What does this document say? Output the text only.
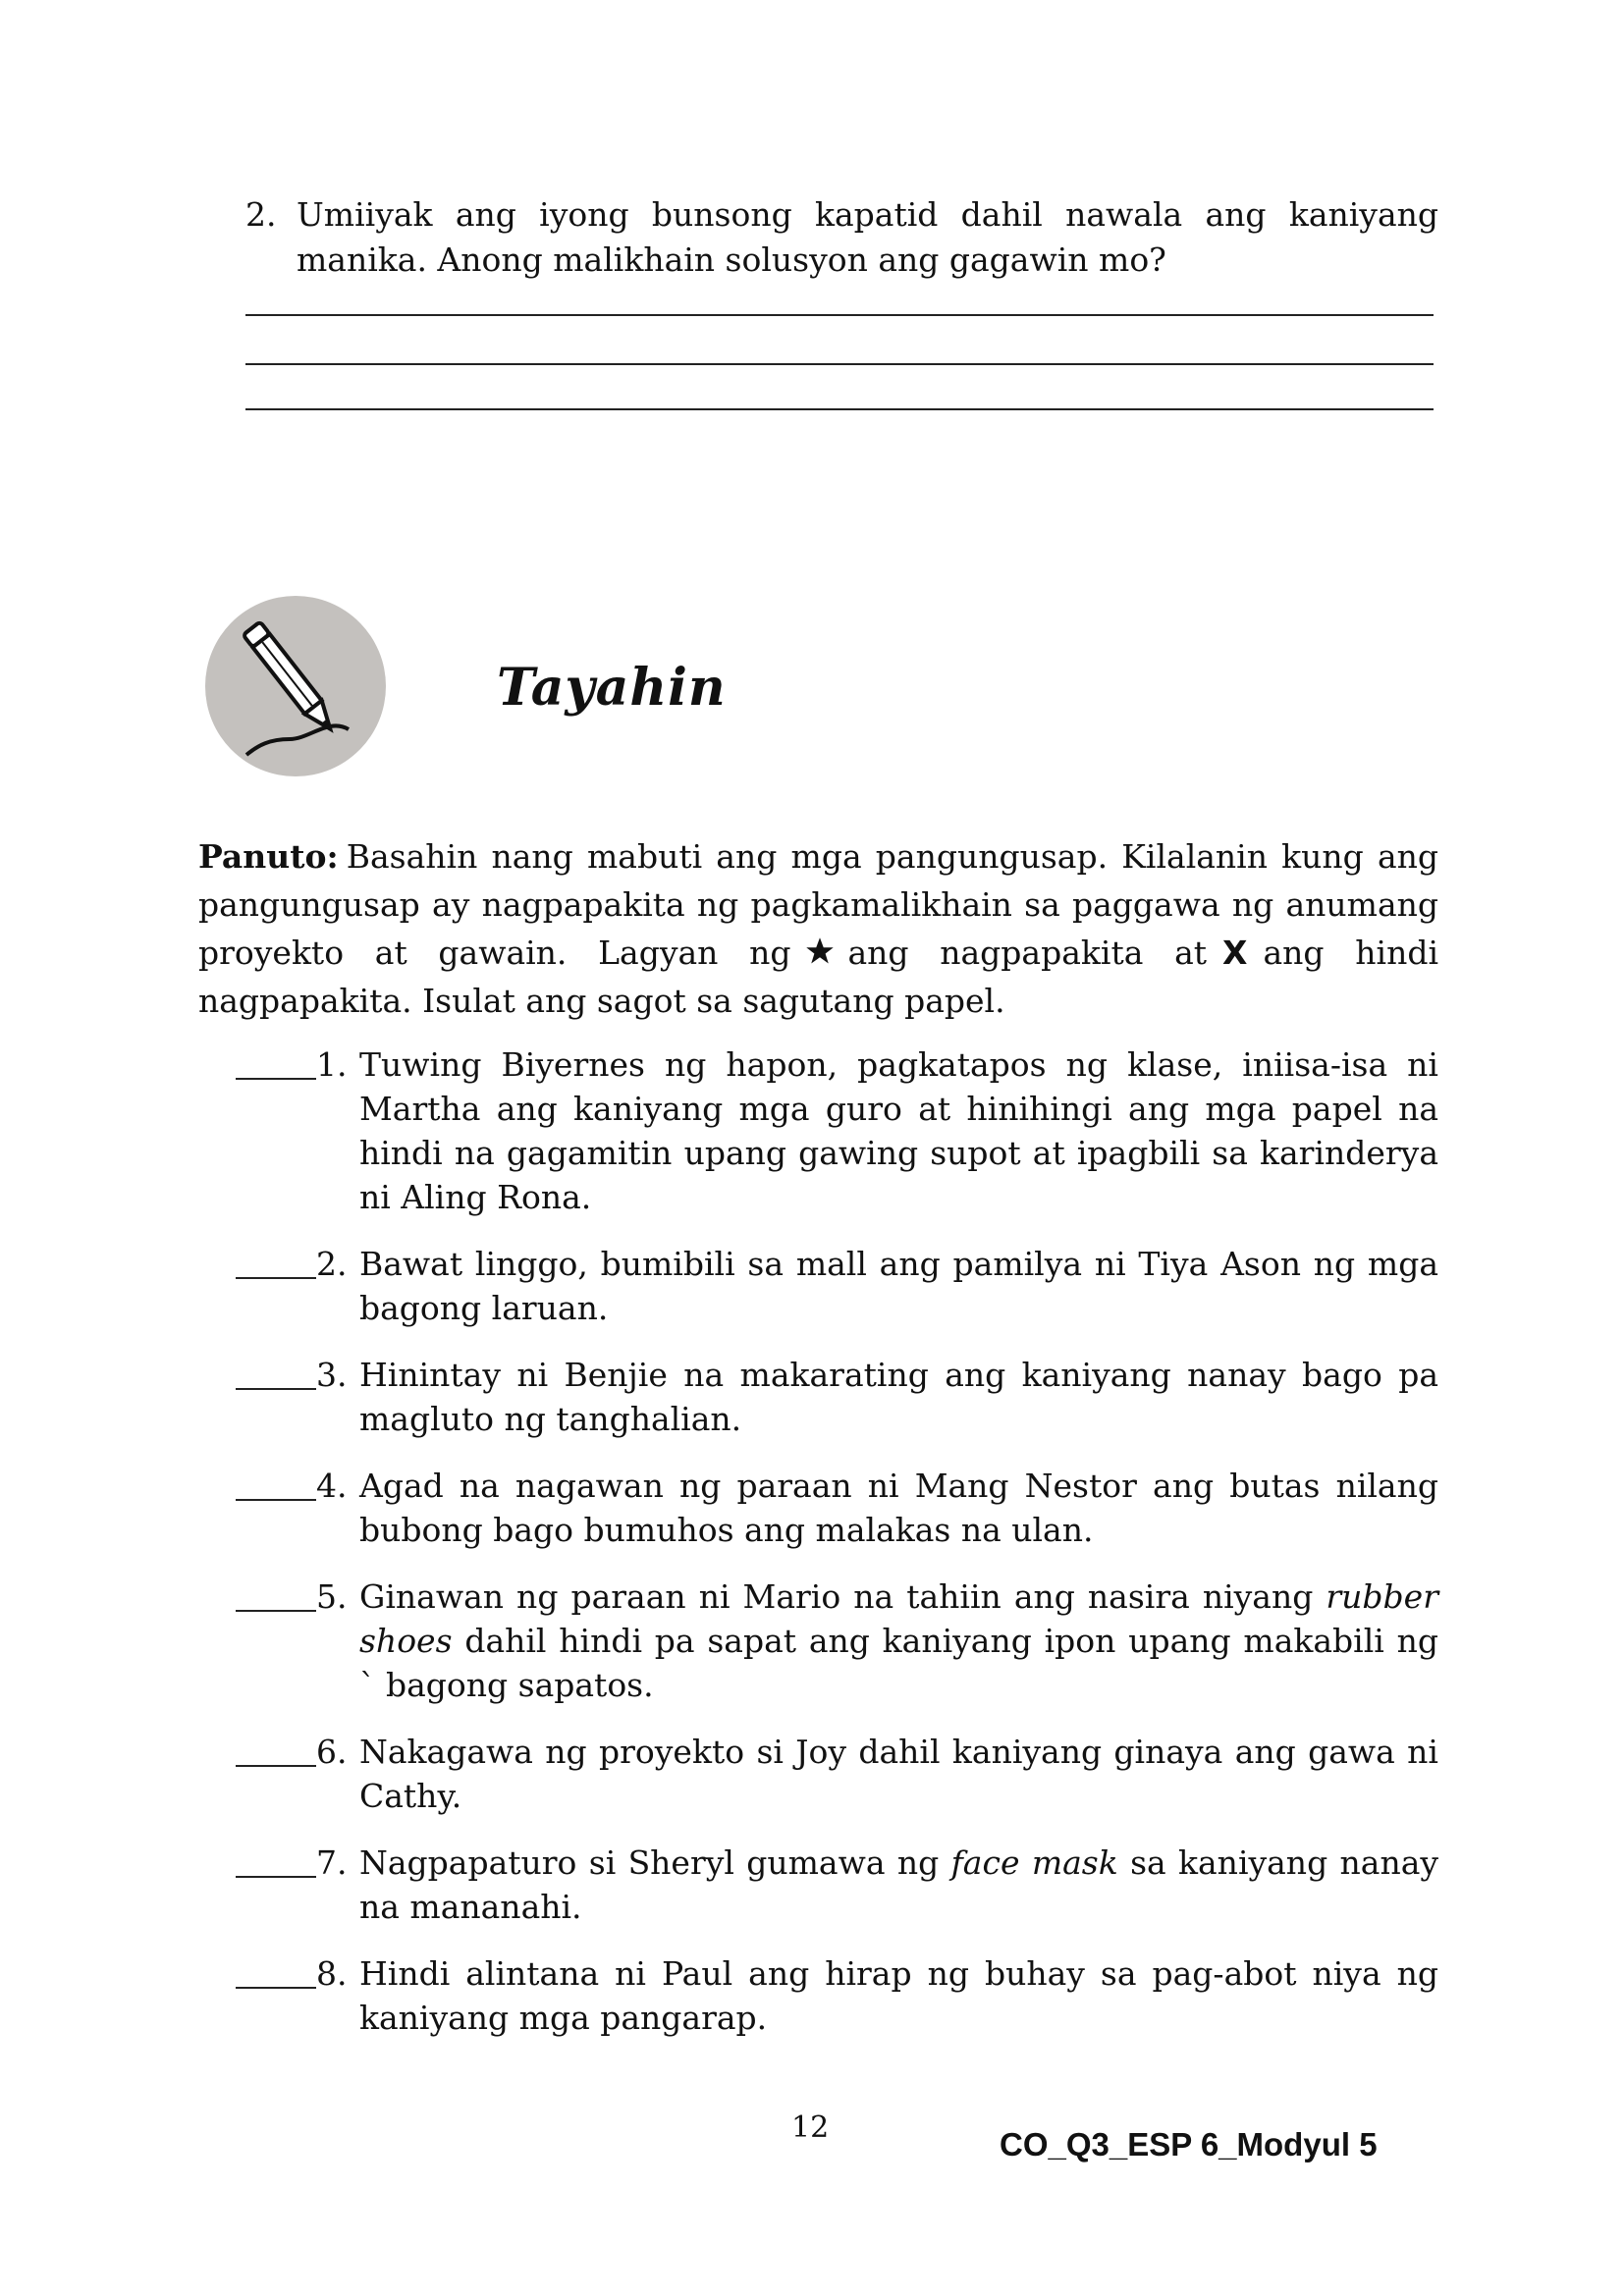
2. Umiiyak ang iyong bunsong kapatid dahil nawala ang kaniyang manika. Anong malikhain solusyon ang gagawin mo?
Tayahin
Panuto: Basahin nang mabuti ang mga pangungusap. Kilalanin kung ang pangungusap ay nagpapakita ng pagkamalikhain sa paggawa ng anumang proyekto at gawain. Lagyan ng ang nagpapakita at X ang hindi nagpapakita. Isulat ang sagot sa sagutang papel.
1. Tuwing Biyernes ng hapon, pagkatapos ng klase, iniisa-isa ni Martha ang kaniyang mga guro at hinihingi ang mga papel na hindi na gagamitin upang gawing supot at ipagbili sa karinderya ni Aling Rona.
2. Bawat linggo, bumibili sa mall ang pamilya ni Tiya Ason ng mga bagong laruan.
3. Hinintay ni Benjie na makarating ang kaniyang nanay bago pa magluto ng tanghalian.
4. Agad na nagawan ng paraan ni Mang Nestor ang butas nilang bubong bago bumuhos ang malakas na ulan.
5. Ginawan ng paraan ni Mario na tahiin ang nasira niyang rubber shoes dahil hindi pa sapat ang kaniyang ipon upang makabili ng ` bagong sapatos.
6. Nakagawa ng proyekto si Joy dahil kaniyang ginaya ang gawa ni Cathy.
7. Nagpapaturo si Sheryl gumawa ng face mask sa kaniyang nanay na mananahi.
8. Hindi alintana ni Paul ang hirap ng buhay sa pag-abot niya ng kaniyang mga pangarap.
12	CO_Q3_ESP 6_Modyul 5
